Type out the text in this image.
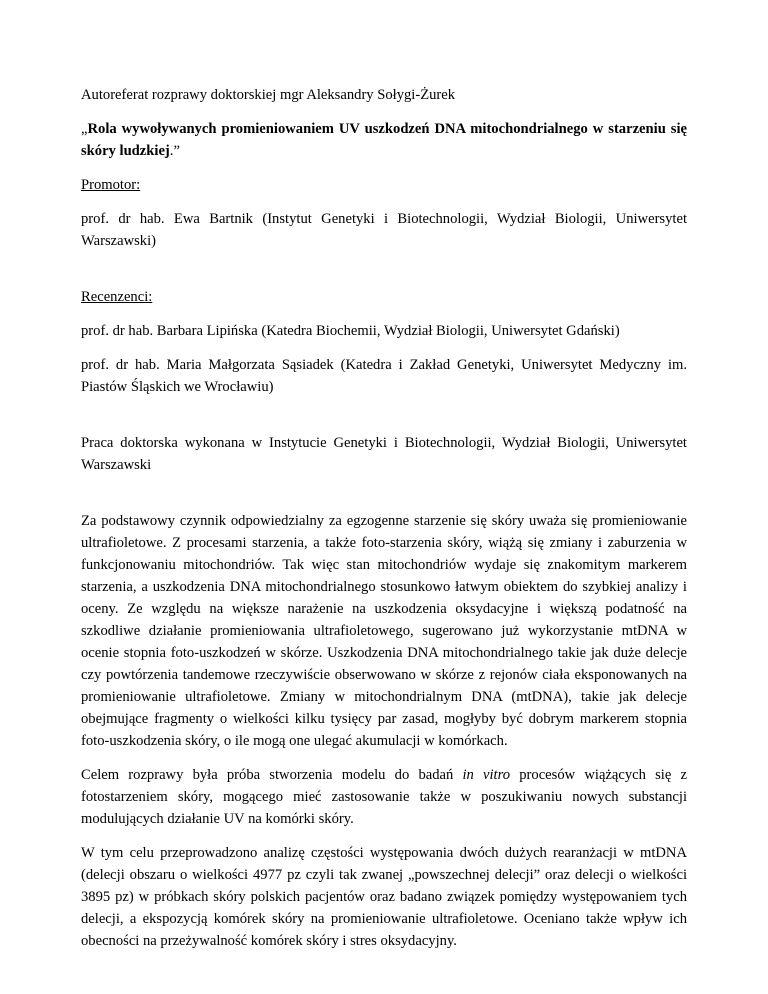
Autoreferat rozprawy doktorskiej mgr Aleksandry Sołygi-Żurek

„Rola wywoływanych promieniowaniem UV uszkodzeń DNA mitochondrialnego w starzeniu się skóry ludzkiej.”

Promotor:

prof. dr hab. Ewa Bartnik (Instytut Genetyki i Biotechnologii, Wydział Biologii, Uniwersytet Warszawski)

Recenzenci:

prof. dr hab. Barbara Lipińska (Katedra Biochemii, Wydział Biologii, Uniwersytet Gdański)

prof. dr hab. Maria Małgorzata Sąsiadek (Katedra i Zakład Genetyki, Uniwersytet Medyczny im. Piastów Śląskich we Wrocławiu)

Praca doktorska wykonana w Instytucie Genetyki i Biotechnologii, Wydział Biologii, Uniwersytet Warszawski

Za podstawowy czynnik odpowiedzialny za egzogenne starzenie się skóry uważa się promieniowanie ultrafioletowe. Z procesami starzenia, a także foto-starzenia skóry, wiążą się zmiany i zaburzenia w funkcjonowaniu mitochondriów. Tak więc stan mitochondriów wydaje się znakomitym markerem starzenia, a uszkodzenia DNA mitochondrialnego stosunkowo łatwym obiektem do szybkiej analizy i oceny. Ze względu na większe narażenie na uszkodzenia oksydacyjne i większą podatność na szkodliwe działanie promieniowania ultrafioletowego, sugerowano już wykorzystanie mtDNA w ocenie stopnia foto-uszkodzeń w skórze. Uszkodzenia DNA mitochondrialnego takie jak duże delecje czy powtórzenia tandemowe rzeczywiście obserwowano w skórze z rejonów ciała eksponowanych na promieniowanie ultrafioletowe. Zmiany w mitochondrialnym DNA (mtDNA), takie jak delecje obejmujące fragmenty o wielkości kilku tysięcy par zasad, mogłyby być dobrym markerem stopnia foto-uszkodzenia skóry, o ile mogą one ulegać akumulacji w komórkach.

Celem rozprawy była próba stworzenia modelu do badań in vitro procesów wiążących się z fotostarzeniem skóry, mogącego mieć zastosowanie także w poszukiwaniu nowych substancji modulujących działanie UV na komórki skóry.

W tym celu przeprowadzono analizę częstości występowania dwóch dużych rearanżacji w mtDNA (delecji obszaru o wielkości 4977 pz czyli tak zwanej „powszechnej delecji” oraz delecji o wielkości 3895 pz) w próbkach skóry polskich pacjentów oraz badano związek pomiędzy występowaniem tych delecji, a ekspozycją komórek skóry na promieniowanie ultrafioletowe. Oceniano także wpływ ich obecności na przeżywalność komórek skóry i stres oksydacyjny.
